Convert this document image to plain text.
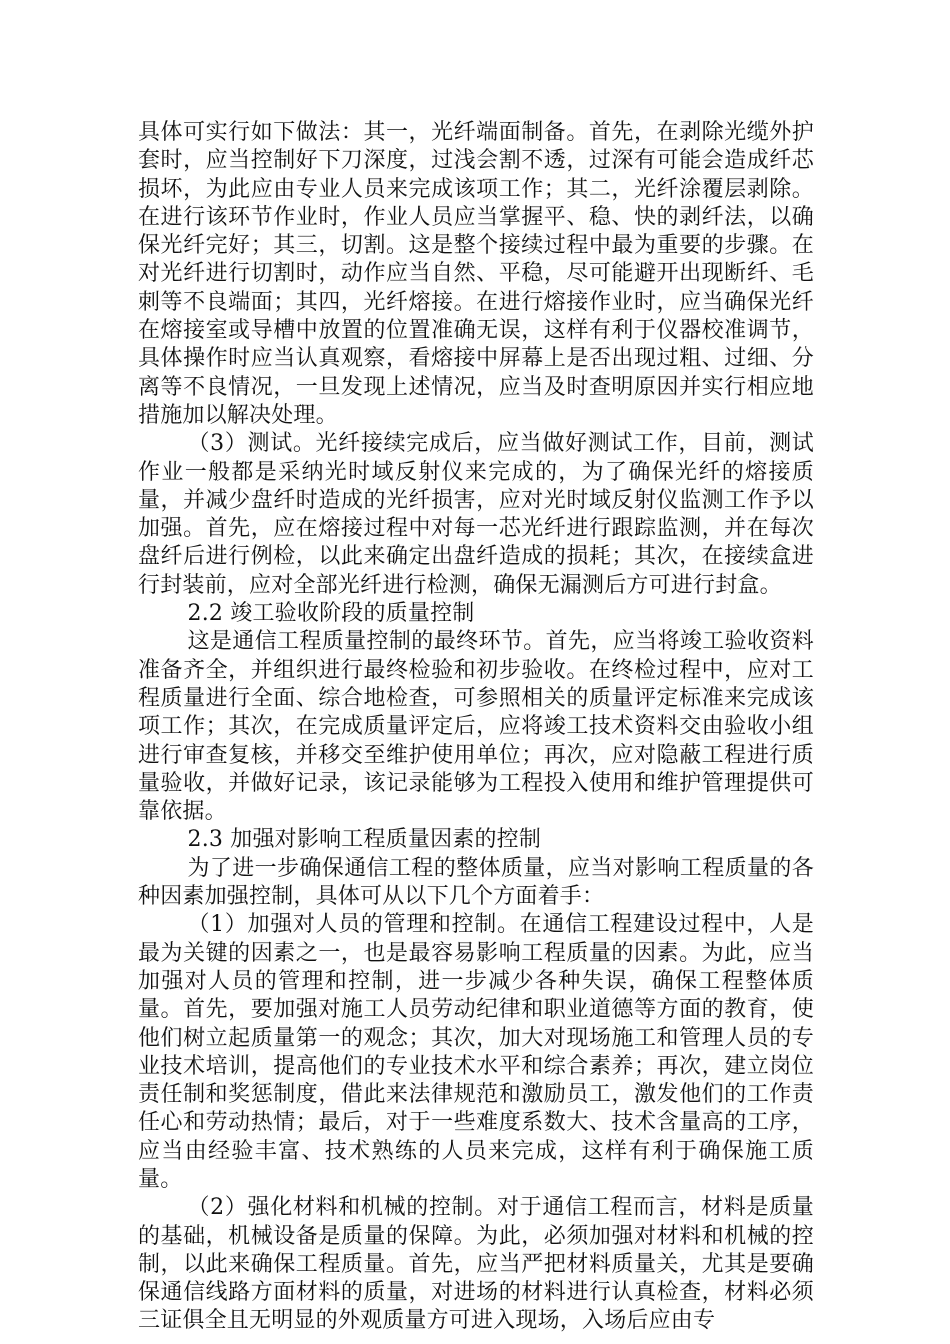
具体可实行如下做法：其一，光纤端面制备。首先，在剥除光缆外护套时，应当控制好下刀深度，过浅会割不透，过深有可能会造成纤芯损坏，为此应由专业人员来完成该项工作；其二，光纤涂覆层剥除。在进行该环节作业时，作业人员应当掌握平、稳、快的剥纤法，以确保光纤完好；其三，切割。这是整个接续过程中最为重要的步骤。在对光纤进行切割时，动作应当自然、平稳，尽可能避开出现断纤、毛刺等不良端面；其四，光纤熔接。在进行熔接作业时，应当确保光纤在熔接室或导槽中放置的位置准确无误，这样有利于仪器校准调节，具体操作时应当认真观察，看熔接中屏幕上是否出现过粗、过细、分离等不良情况，一旦发现上述情况，应当及时查明原因并实行相应地措施加以解决处理。

（3）测试。光纤接续完成后，应当做好测试工作，目前，测试作业一般都是采纳光时域反射仪来完成的，为了确保光纤的熔接质量，并减少盘纤时造成的光纤损害，应对光时域反射仪监测工作予以加强。首先，应在熔接过程中对每一芯光纤进行跟踪监测，并在每次盘纤后进行例检，以此来确定出盘纤造成的损耗；其次，在接续盒进行封装前，应对全部光纤进行检测，确保无漏测后方可进行封盒。

2.2 竣工验收阶段的质量控制

这是通信工程质量控制的最终环节。首先，应当将竣工验收资料准备齐全，并组织进行最终检验和初步验收。在终检过程中，应对工程质量进行全面、综合地检查，可参照相关的质量评定标准来完成该项工作；其次，在完成质量评定后，应将竣工技术资料交由验收小组进行审查复核，并移交至维护使用单位；再次，应对隐蔽工程进行质量验收，并做好记录，该记录能够为工程投入使用和维护管理提供可靠依据。

2.3 加强对影响工程质量因素的控制

为了进一步确保通信工程的整体质量，应当对影响工程质量的各种因素加强控制，具体可从以下几个方面着手：

（1）加强对人员的管理和控制。在通信工程建设过程中，人是最为关键的因素之一，也是最容易影响工程质量的因素。为此，应当加强对人员的管理和控制，进一步减少各种失误，确保工程整体质量。首先，要加强对施工人员劳动纪律和职业道德等方面的教育，使他们树立起质量第一的观念；其次，加大对现场施工和管理人员的专业技术培训，提高他们的专业技术水平和综合素养；再次，建立岗位责任制和奖惩制度，借此来法律规范和激励员工，激发他们的工作责任心和劳动热情；最后，对于一些难度系数大、技术含量高的工序，应当由经验丰富、技术熟练的人员来完成，这样有利于确保施工质量。

（2）强化材料和机械的控制。对于通信工程而言，材料是质量的基础，机械设备是质量的保障。为此，必须加强对材料和机械的控制，以此来确保工程质量。首先，应当严把材料质量关，尤其是要确保通信线路方面材料的质量，对进场的材料进行认真检查，材料必须三证俱全且无明显的外观质量方可进入现场，入场后应由专
